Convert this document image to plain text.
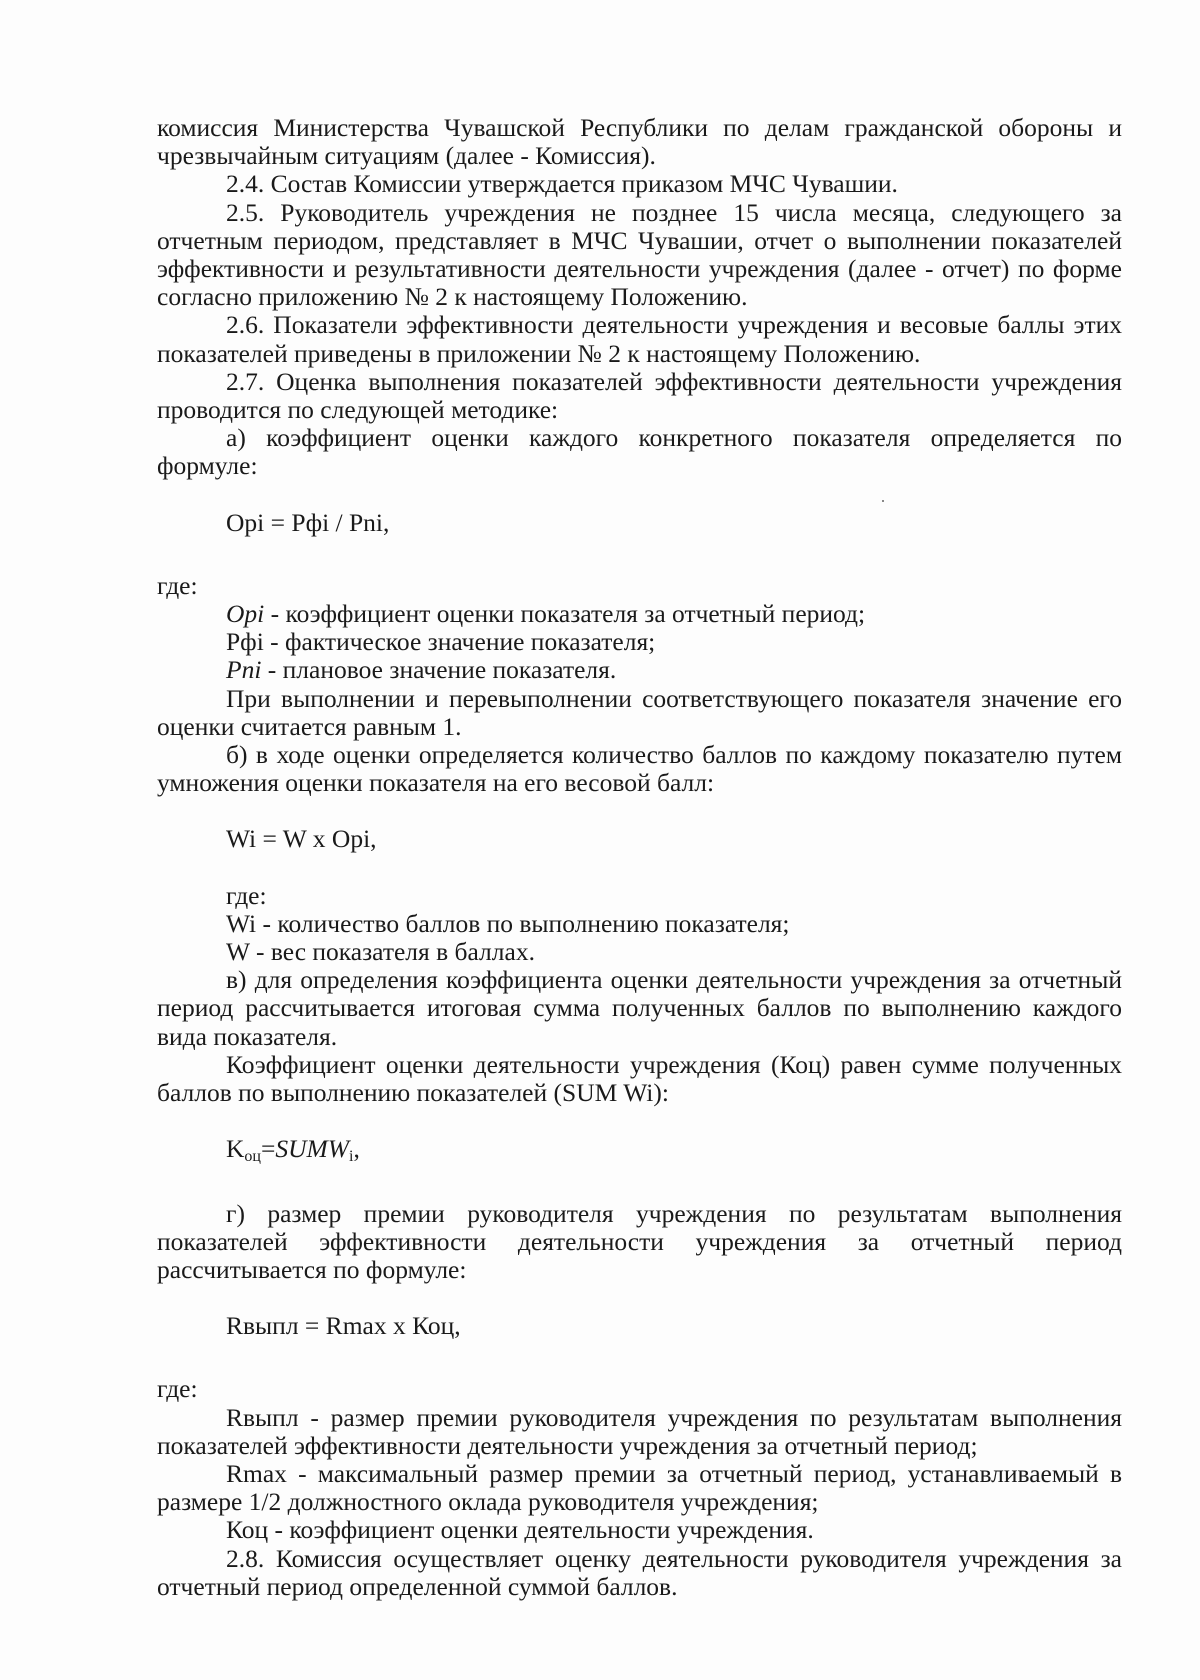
комиссия Министерства Чувашской Республики по делам гражданской обороны и чрезвычайным ситуациям (далее - Комиссия).

2.4. Состав Комиссии утверждается приказом МЧС Чувашии.

2.5. Руководитель учреждения не позднее 15 числа месяца, следующего за отчетным периодом, представляет в МЧС Чувашии, отчет о выполнении показателей эффективности и результативности деятельности учреждения (далее - отчет) по форме согласно приложению № 2 к настоящему Положению.

2.6. Показатели эффективности деятельности учреждения и весовые баллы этих показателей приведены в приложении № 2 к настоящему Положению.

2.7. Оценка выполнения показателей эффективности деятельности учреждения проводится по следующей методике:

а) коэффициент оценки каждого конкретного показателя определяется по формуле:

Opi = Pфi / Pni,

где:

Opi - коэффициент оценки показателя за отчетный период;

Pфi - фактическое значение показателя;

Pni - плановое значение показателя.

При выполнении и перевыполнении соответствующего показателя значение его оценки считается равным 1.

б) в ходе оценки определяется количество баллов по каждому показателю путем умножения оценки показателя на его весовой балл:

Wi = W x Opi,

где:

Wi - количество баллов по выполнению показателя;

W - вес показателя в баллах.

в) для определения коэффициента оценки деятельности учреждения за отчетный период рассчитывается итоговая сумма полученных баллов по выполнению каждого вида показателя.

Коэффициент оценки деятельности учреждения (Коц) равен сумме полученных баллов по выполнению показателей (SUM Wi):

$K_{оц}=SUMW_i$,

г) размер премии руководителя учреждения по результатам выполнения показателей эффективности деятельности учреждения за отчетный период рассчитывается по формуле:

Rвыпл = Rmax x Коц,

где:

Rвыпл - размер премии руководителя учреждения по результатам выполнения показателей эффективности деятельности учреждения за отчетный период;

Rmax - максимальный размер премии за отчетный период, устанавливаемый в размере 1/2 должностного оклада руководителя учреждения;

Коц - коэффициент оценки деятельности учреждения.

2.8. Комиссия осуществляет оценку деятельности руководителя учреждения за отчетный период определенной суммой баллов.
